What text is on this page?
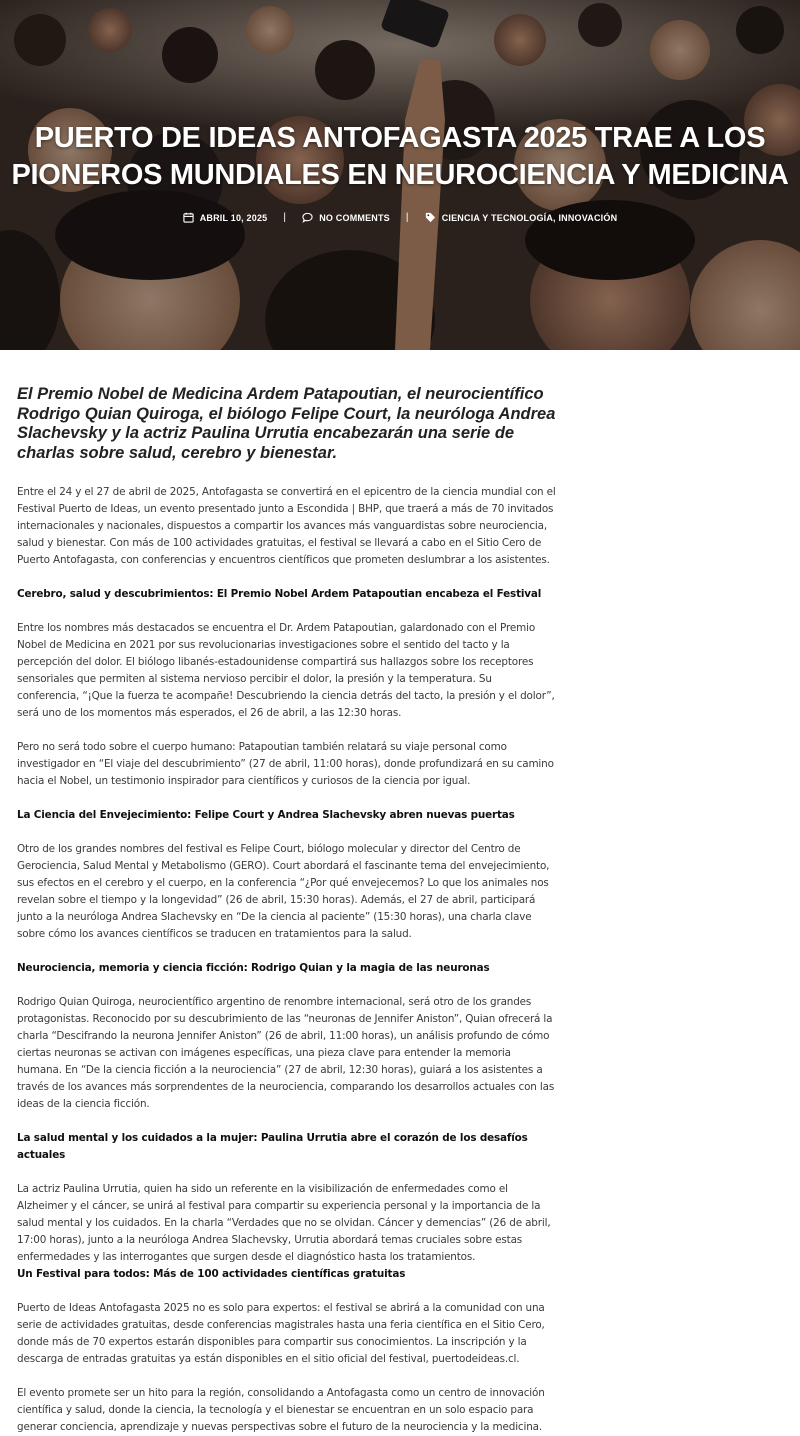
PUERTO DE IDEAS ANTOFAGASTA 2025 TRAE A LOS PIONEROS MUNDIALES EN NEUROCIENCIA Y MEDICINA
ABRIL 10, 2025 |	NO COMMENTS |	CIENCIA Y TECNOLOGÍA, INNOVACIÓN

El Premio Nobel de Medicina Ardem Patapoutian, el neurocientífico Rodrigo Quian Quiroga, el biólogo Felipe Court, la neuróloga Andrea Slachevsky y la actriz Paulina Urrutia encabezarán una serie de charlas sobre salud, cerebro y bienestar.

Entre el 24 y el 27 de abril de 2025, Antofagasta se convertirá en el epicentro de la ciencia mundial con el Festival Puerto de Ideas, un evento presentado junto a Escondida | BHP, que traerá a más de 70 invitados internacionales y nacionales, dispuestos a compartir los avances más vanguardistas sobre neurociencia, salud y bienestar. Con más de 100 actividades gratuitas, el festival se llevará a cabo en el Sitio Cero de Puerto Antofagasta, con conferencias y encuentros científicos que prometen deslumbrar a los asistentes.

Cerebro, salud y descubrimientos: El Premio Nobel Ardem Patapoutian encabeza el Festival

Entre los nombres más destacados se encuentra el Dr. Ardem Patapoutian, galardonado con el Premio Nobel de Medicina en 2021 por sus revolucionarias investigaciones sobre el sentido del tacto y la percepción del dolor. El biólogo libanés-estadounidense compartirá sus hallazgos sobre los receptores sensoriales que permiten al sistema nervioso percibir el dolor, la presión y la temperatura. Su conferencia, “¡Que la fuerza te acompañe! Descubriendo la ciencia detrás del tacto, la presión y el dolor”, será uno de los momentos más esperados, el 26 de abril, a las 12:30 horas.

Pero no será todo sobre el cuerpo humano: Patapoutian también relatará su viaje personal como investigador en “El viaje del descubrimiento” (27 de abril, 11:00 horas), donde profundizará en su camino hacia el Nobel, un testimonio inspirador para científicos y curiosos de la ciencia por igual.

La Ciencia del Envejecimiento: Felipe Court y Andrea Slachevsky abren nuevas puertas

Otro de los grandes nombres del festival es Felipe Court, biólogo molecular y director del Centro de Gerociencia, Salud Mental y Metabolismo (GERO). Court abordará el fascinante tema del envejecimiento, sus efectos en el cerebro y el cuerpo, en la conferencia “¿Por qué envejecemos? Lo que los animales nos revelan sobre el tiempo y la longevidad” (26 de abril, 15:30 horas). Además, el 27 de abril, participará junto a la neuróloga Andrea Slachevsky en “De la ciencia al paciente” (15:30 horas), una charla clave sobre cómo los avances científicos se traducen en tratamientos para la salud.

Neurociencia, memoria y ciencia ficción: Rodrigo Quian y la magia de las neuronas

Rodrigo Quian Quiroga, neurocientífico argentino de renombre internacional, será otro de los grandes protagonistas. Reconocido por su descubrimiento de las “neuronas de Jennifer Aniston”, Quian ofrecerá la charla “Descifrando la neurona Jennifer Aniston” (26 de abril, 11:00 horas), un análisis profundo de cómo ciertas neuronas se activan con imágenes específicas, una pieza clave para entender la memoria humana. En “De la ciencia ficción a la neurociencia” (27 de abril, 12:30 horas), guiará a los asistentes a través de los avances más sorprendentes de la neurociencia, comparando los desarrollos actuales con las ideas de la ciencia ficción.

La salud mental y los cuidados a la mujer: Paulina Urrutia abre el corazón de los desafíos actuales

La actriz Paulina Urrutia, quien ha sido un referente en la visibilización de enfermedades como el Alzheimer y el cáncer, se unirá al festival para compartir su experiencia personal y la importancia de la salud mental y los cuidados. En la charla “Verdades que no se olvidan. Cáncer y demencias” (26 de abril, 17:00 horas), junto a la neuróloga Andrea Slachevsky, Urrutia abordará temas cruciales sobre estas enfermedades y las interrogantes que surgen desde el diagnóstico hasta los tratamientos.

Un Festival para todos: Más de 100 actividades científicas gratuitas

Puerto de Ideas Antofagasta 2025 no es solo para expertos: el festival se abrirá a la comunidad con una serie de actividades gratuitas, desde conferencias magistrales hasta una feria científica en el Sitio Cero, donde más de 70 expertos estarán disponibles para compartir sus conocimientos. La inscripción y la descarga de entradas gratuitas ya están disponibles en el sitio oficial del festival, puertodeideas.cl.

El evento promete ser un hito para la región, consolidando a Antofagasta como un centro de innovación científica y salud, donde la ciencia, la tecnología y el bienestar se encuentran en un solo espacio para generar conciencia, aprendizaje y nuevas perspectivas sobre el futuro de la neurociencia y la medicina.
